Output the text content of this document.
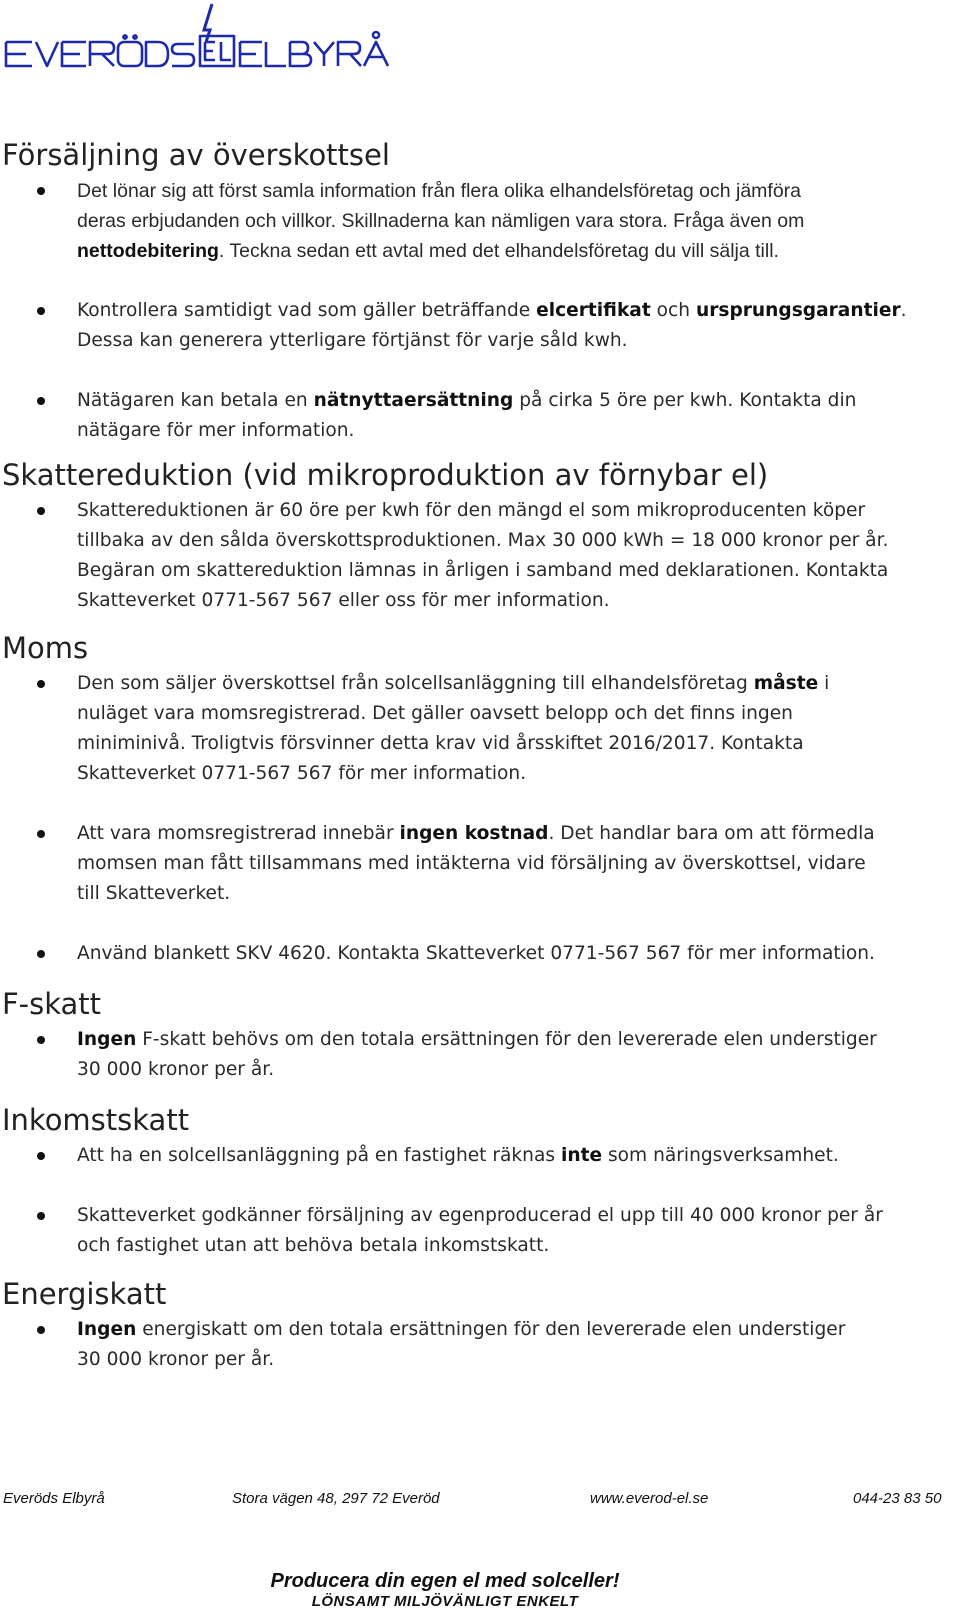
Försäljning av överskottsel
Det lönar sig att först samla information från flera olika elhandelsföretag och jämföra
deras erbjudanden och villkor. Skillnaderna kan nämligen vara stora. Fråga även om
nettodebitering. Teckna sedan ett avtal med det elhandelsföretag du vill sälja till.
Kontrollera samtidigt vad som gäller beträffande elcertifikat och ursprungsgarantier.
Dessa kan generera ytterligare förtjänst för varje såld kwh.
Nätägaren kan betala en nätnyttaersättning på cirka 5 öre per kwh. Kontakta din
nätägare för mer information.
Skattereduktion (vid mikroproduktion av förnybar el)
Skattereduktionen är 60 öre per kwh för den mängd el som mikroproducenten köper
tillbaka av den sålda överskottsproduktionen. Max 30 000 kWh = 18 000 kronor per år.
Begäran om skattereduktion lämnas in årligen i samband med deklarationen. Kontakta
Skatteverket 0771-567 567 eller oss för mer information.
Moms
Den som säljer överskottsel från solcellsanläggning till elhandelsföretag måste i
nuläget vara momsregistrerad. Det gäller oavsett belopp och det finns ingen
miniminivå. Troligtvis försvinner detta krav vid årsskiftet 2016/2017. Kontakta
Skatteverket 0771-567 567 för mer information.
Att vara momsregistrerad innebär ingen kostnad. Det handlar bara om att förmedla
momsen man fått tillsammans med intäkterna vid försäljning av överskottsel, vidare
till Skatteverket.
Använd blankett SKV 4620. Kontakta Skatteverket 0771-567 567 för mer information.
F-skatt
Ingen F-skatt behövs om den totala ersättningen för den levererade elen understiger
30 000 kronor per år.
Inkomstskatt
Att ha en solcellsanläggning på en fastighet räknas inte som näringsverksamhet.
Skatteverket godkänner försäljning av egenproducerad el upp till 40 000 kronor per år
och fastighet utan att behöva betala inkomstskatt.
Energiskatt
Ingen energiskatt om den totala ersättningen för den levererade elen understiger
30 000 kronor per år.
Everöds Elbyrå	Stora vägen 48, 297 72 Everöd	www.everod-el.se	044-23 83 50
Producera din egen el med solceller!
LÖNSAMT MILJÖVÄNLIGT ENKELT
